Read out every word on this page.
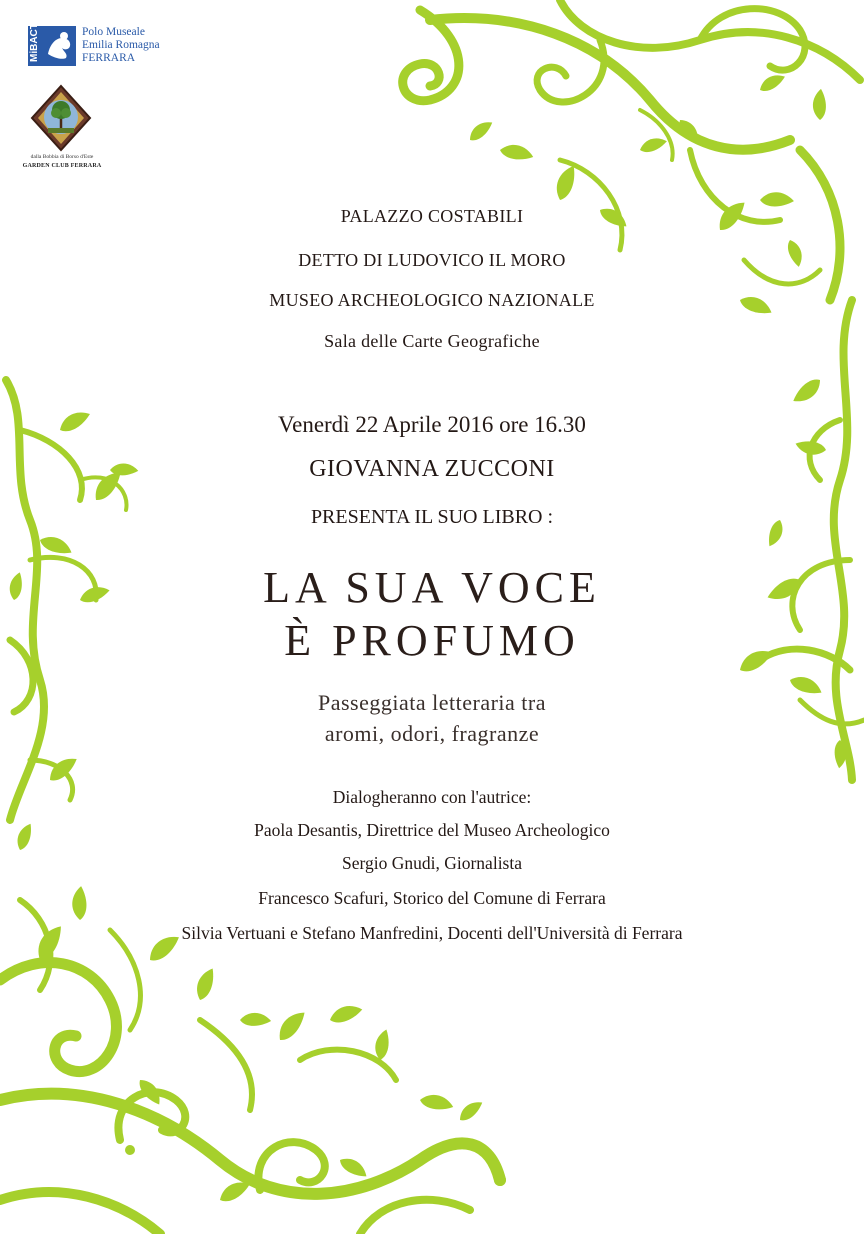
MiBACT	Polo Museale
Emilia Romagna
FERRARA
dalla Bobbia di Borso d'Este
GARDEN CLUB FERRARA
PALAZZO COSTABILI
DETTO DI LUDOVICO IL MORO
MUSEO ARCHEOLOGICO NAZIONALE
Sala delle Carte Geografiche
Venerdì 22 Aprile 2016 ore 16.30
GIOVANNA ZUCCONI
PRESENTA IL SUO LIBRO :
LA SUA VOCE
È PROFUMO
Passeggiata letteraria tra
aromi, odori, fragranze
Dialogheranno con l'autrice:
Paola Desantis, Direttrice del Museo Archeologico
Sergio Gnudi, Giornalista
Francesco Scafuri, Storico del Comune di Ferrara
Silvia Vertuani e Stefano Manfredini, Docenti dell'Università di Ferrara
